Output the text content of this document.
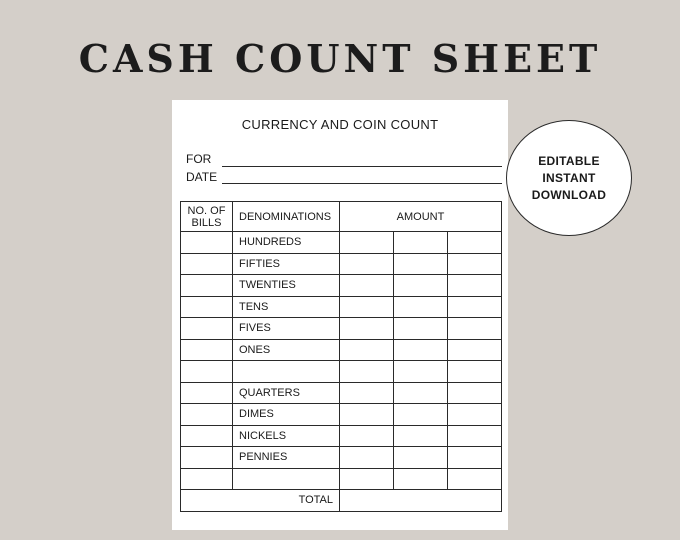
CASH COUNT SHEET
CURRENCY AND COIN COUNT
FOR
DATE
NO. OF
BILLS	DENOMINATIONS	AMOUNT		
	HUNDREDS			
	FIFTIES			
	TWENTIES			
	TENS			
	FIVES			
	ONES			

	QUARTERS			
	DIMES			
	NICKELS			
	PENNIES			

TOTAL				
EDITABLE
INSTANT
DOWNLOAD
